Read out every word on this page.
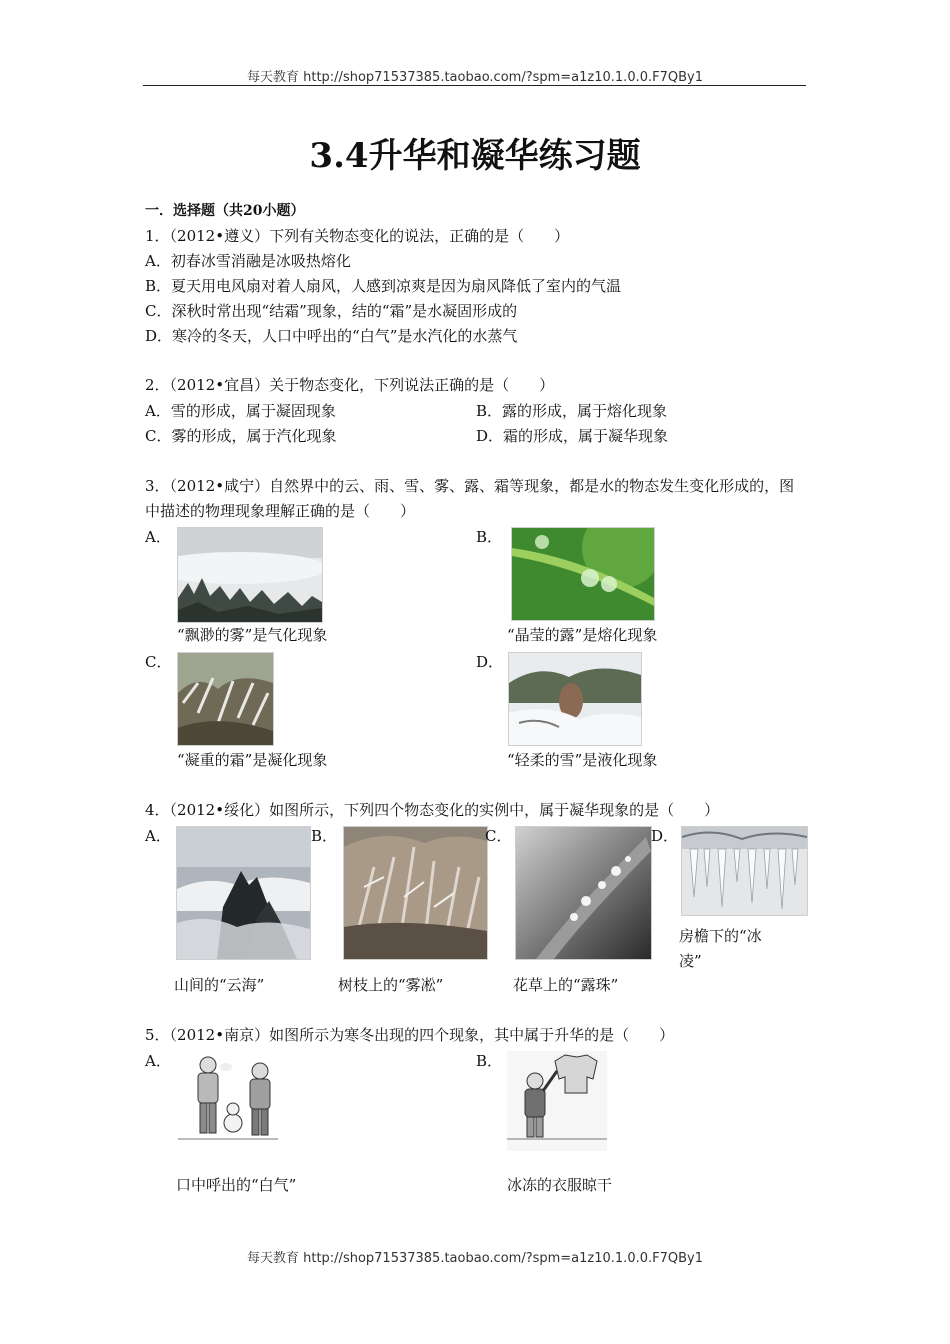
每天教育 http://shop71537385.taobao.com/?spm=a1z10.1.0.0.F7QBy1
3.4升华和凝华练习题
一．选择题（共20小题）
1．（2012•遵义）下列有关物态变化的说法，正确的是（　　）
A．初春冰雪消融是冰吸热熔化
B．夏天用电风扇对着人扇风，人感到凉爽是因为扇风降低了室内的气温
C．深秋时常出现“结霜”现象，结的“霜”是水凝固形成的
D．寒冷的冬天，人口中呼出的“白气”是水汽化的水蒸气
2．（2012•宜昌）关于物态变化，下列说法正确的是（　　）
A．雪的形成，属于凝固现象	B．露的形成，属于熔化现象
C．雾的形成，属于汽化现象	D．霜的形成，属于凝华现象
3．（2012•咸宁）自然界中的云、雨、雪、雾、露、霜等现象，都是水的物态发生变化形成的，图
中描述的物理现象理解正确的是（　　）
A．
“飘渺的雾”是气化现象
B．
“晶莹的露”是熔化现象
C．
“凝重的霜”是凝化现象
D．
“轻柔的雪”是液化现象
4．（2012•绥化）如图所示，下列四个物态变化的实例中，属于凝华现象的是（　　）
A．
山间的“云海”
B．
树枝上的“雾凇”
C．
花草上的“露珠”
D．
房檐下的“冰
凌”
5．（2012•南京）如图所示为寒冬出现的四个现象，其中属于升华的是（　　）
A．
口中呼出的“白气”
B．
冰冻的衣服晾干
每天教育 http://shop71537385.taobao.com/?spm=a1z10.1.0.0.F7QBy1
